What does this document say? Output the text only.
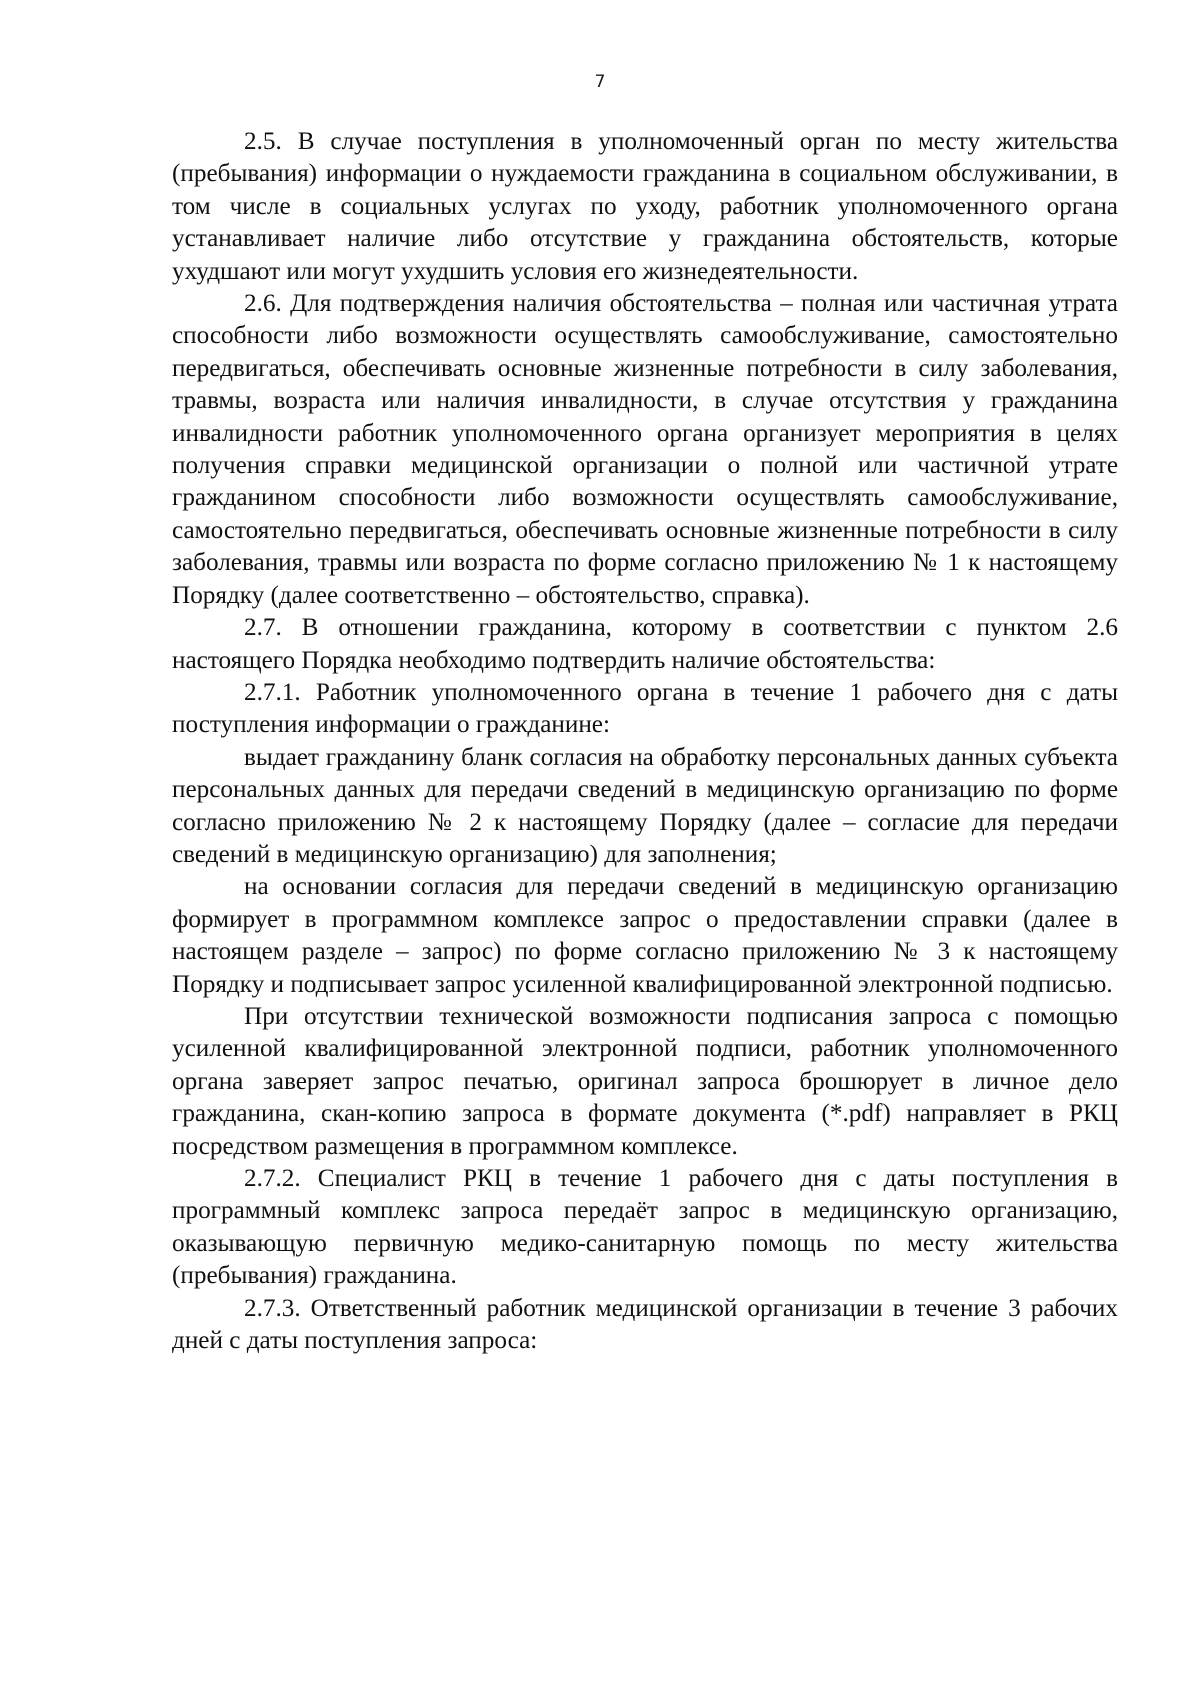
7

2.5. В случае поступления в уполномоченный орган по месту жительства (пребывания) информации о нуждаемости гражданина в социальном обслуживании, в том числе в социальных услугах по уходу, работник уполномоченного органа устанавливает наличие либо отсутствие у гражданина обстоятельств, которые ухудшают или могут ухудшить условия его жизнедеятельности.

2.6. Для подтверждения наличия обстоятельства – полная или частичная утрата способности либо возможности осуществлять самообслуживание, самостоятельно передвигаться, обеспечивать основные жизненные потребности в силу заболевания, травмы, возраста или наличия инвалидности, в случае отсутствия у гражданина инвалидности работник уполномоченного органа организует мероприятия в целях получения справки медицинской организации о полной или частичной утрате гражданином способности либо возможности осуществлять самообслуживание, самостоятельно передвигаться, обеспечивать основные жизненные потребности в силу заболевания, травмы или возраста по форме согласно приложению № 1 к настоящему Порядку (далее соответственно – обстоятельство, справка).

2.7. В отношении гражданина, которому в соответствии с пунктом 2.6 настоящего Порядка необходимо подтвердить наличие обстоятельства:

2.7.1. Работник уполномоченного органа в течение 1 рабочего дня с даты поступления информации о гражданине:

выдает гражданину бланк согласия на обработку персональных данных субъекта персональных данных для передачи сведений в медицинскую организацию по форме согласно приложению № 2 к настоящему Порядку (далее – согласие для передачи сведений в медицинскую организацию) для заполнения;

на основании согласия для передачи сведений в медицинскую организацию формирует в программном комплексе запрос о предоставлении справки (далее в настоящем разделе – запрос) по форме согласно приложению № 3 к настоящему Порядку и подписывает запрос усиленной квалифицированной электронной подписью.

При отсутствии технической возможности подписания запроса с помощью усиленной квалифицированной электронной подписи, работник уполномоченного органа заверяет запрос печатью, оригинал запроса брошюрует в личное дело гражданина, скан-копию запроса в формате документа (*.pdf) направляет в РКЦ посредством размещения в программном комплексе.

2.7.2. Специалист РКЦ в течение 1 рабочего дня с даты поступления в программный комплекс запроса передаёт запрос в медицинскую организацию, оказывающую первичную медико-санитарную помощь по месту жительства (пребывания) гражданина.

2.7.3. Ответственный работник медицинской организации в течение 3 рабочих дней с даты поступления запроса:
